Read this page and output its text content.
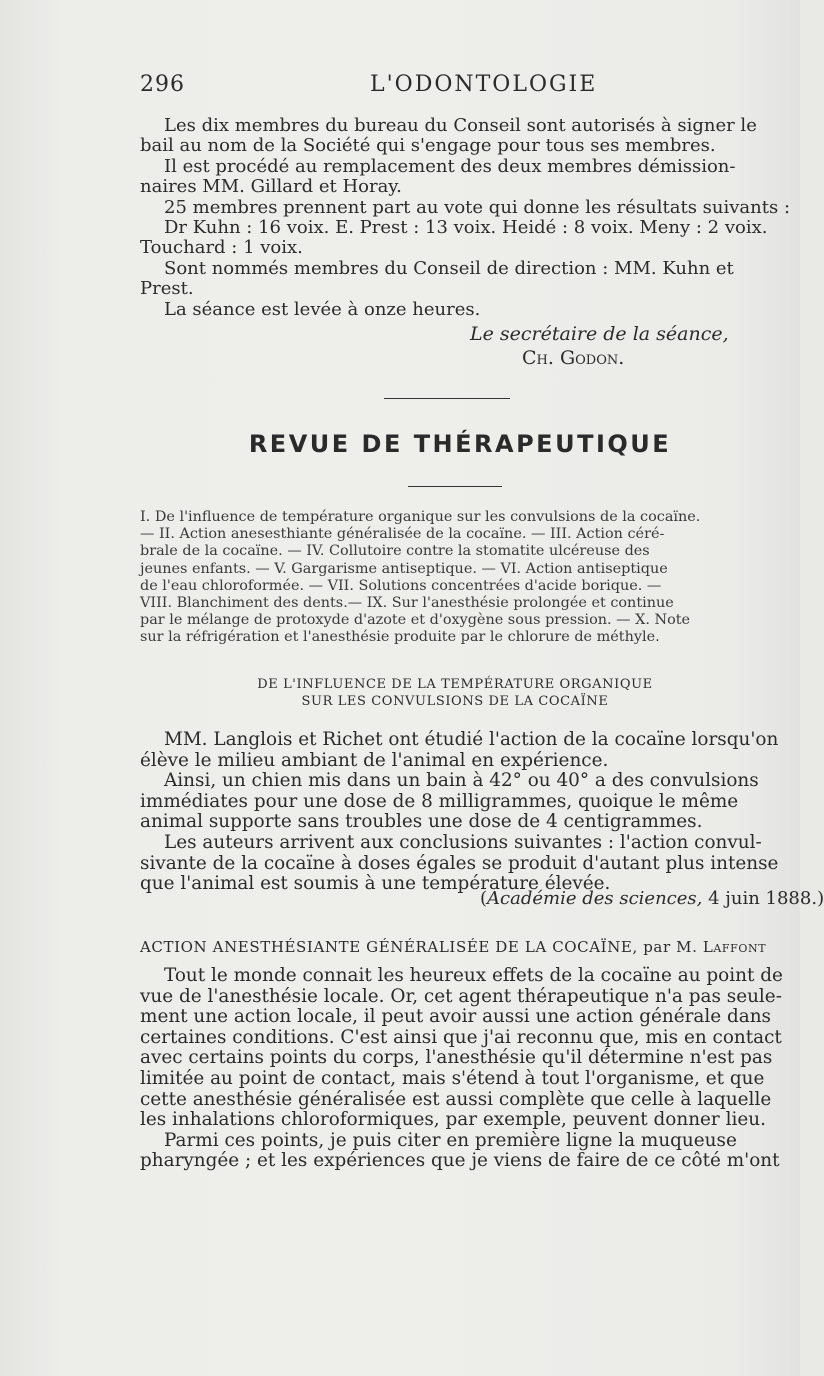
296	L'ODONTOLOGIE
Les dix membres du bureau du Conseil sont autorisés à signer le
bail au nom de la Société qui s'engage pour tous ses membres.
Il est procédé au remplacement des deux membres démission-
naires MM. Gillard et Horay.
25 membres prennent part au vote qui donne les résultats suivants :
Dr Kuhn : 16 voix. E. Prest : 13 voix. Heidé : 8 voix. Meny : 2 voix.
Touchard : 1 voix.
Sont nommés membres du Conseil de direction : MM. Kuhn et
Prest.
La séance est levée à onze heures.
Le secrétaire de la séance,
Ch. Godon.
REVUE DE THÉRAPEUTIQUE
I. De l'influence de température organique sur les convulsions de la cocaïne.
— II. Action anesesthiante généralisée de la cocaïne. — III. Action céré-
brale de la cocaïne. — IV. Collutoire contre la stomatite ulcéreuse des
jeunes enfants. — V. Gargarisme antiseptique. — VI. Action antiseptique
de l'eau chloroformée. — VII. Solutions concentrées d'acide borique. —
VIII. Blanchiment des dents.— IX. Sur l'anesthésie prolongée et continue
par le mélange de protoxyde d'azote et d'oxygène sous pression. — X. Note
sur la réfrigération et l'anesthésie produite par le chlorure de méthyle.
DE L'INFLUENCE DE LA TEMPÉRATURE ORGANIQUE
SUR LES CONVULSIONS DE LA COCAÏNE
MM. Langlois et Richet ont étudié l'action de la cocaïne lorsqu'on
élève le milieu ambiant de l'animal en expérience.
Ainsi, un chien mis dans un bain à 42° ou 40° a des convulsions
immédiates pour une dose de 8 milligrammes, quoique le même
animal supporte sans troubles une dose de 4 centigrammes.
Les auteurs arrivent aux conclusions suivantes : l'action convul-
sivante de la cocaïne à doses égales se produit d'autant plus intense
que l'animal est soumis à une température élevée.
(Académie des sciences, 4 juin 1888.)
ACTION ANESTHÉSIANTE GÉNÉRALISÉE DE LA COCAÏNE, par M. Laffont
Tout le monde connait les heureux effets de la cocaïne au point de
vue de l'anesthésie locale. Or, cet agent thérapeutique n'a pas seule-
ment une action locale, il peut avoir aussi une action générale dans
certaines conditions. C'est ainsi que j'ai reconnu que, mis en contact
avec certains points du corps, l'anesthésie qu'il détermine n'est pas
limitée au point de contact, mais s'étend à tout l'organisme, et que
cette anesthésie généralisée est aussi complète que celle à laquelle
les inhalations chloroformiques, par exemple, peuvent donner lieu.
Parmi ces points, je puis citer en première ligne la muqueuse
pharyngée ; et les expériences que je viens de faire de ce côté m'ont
